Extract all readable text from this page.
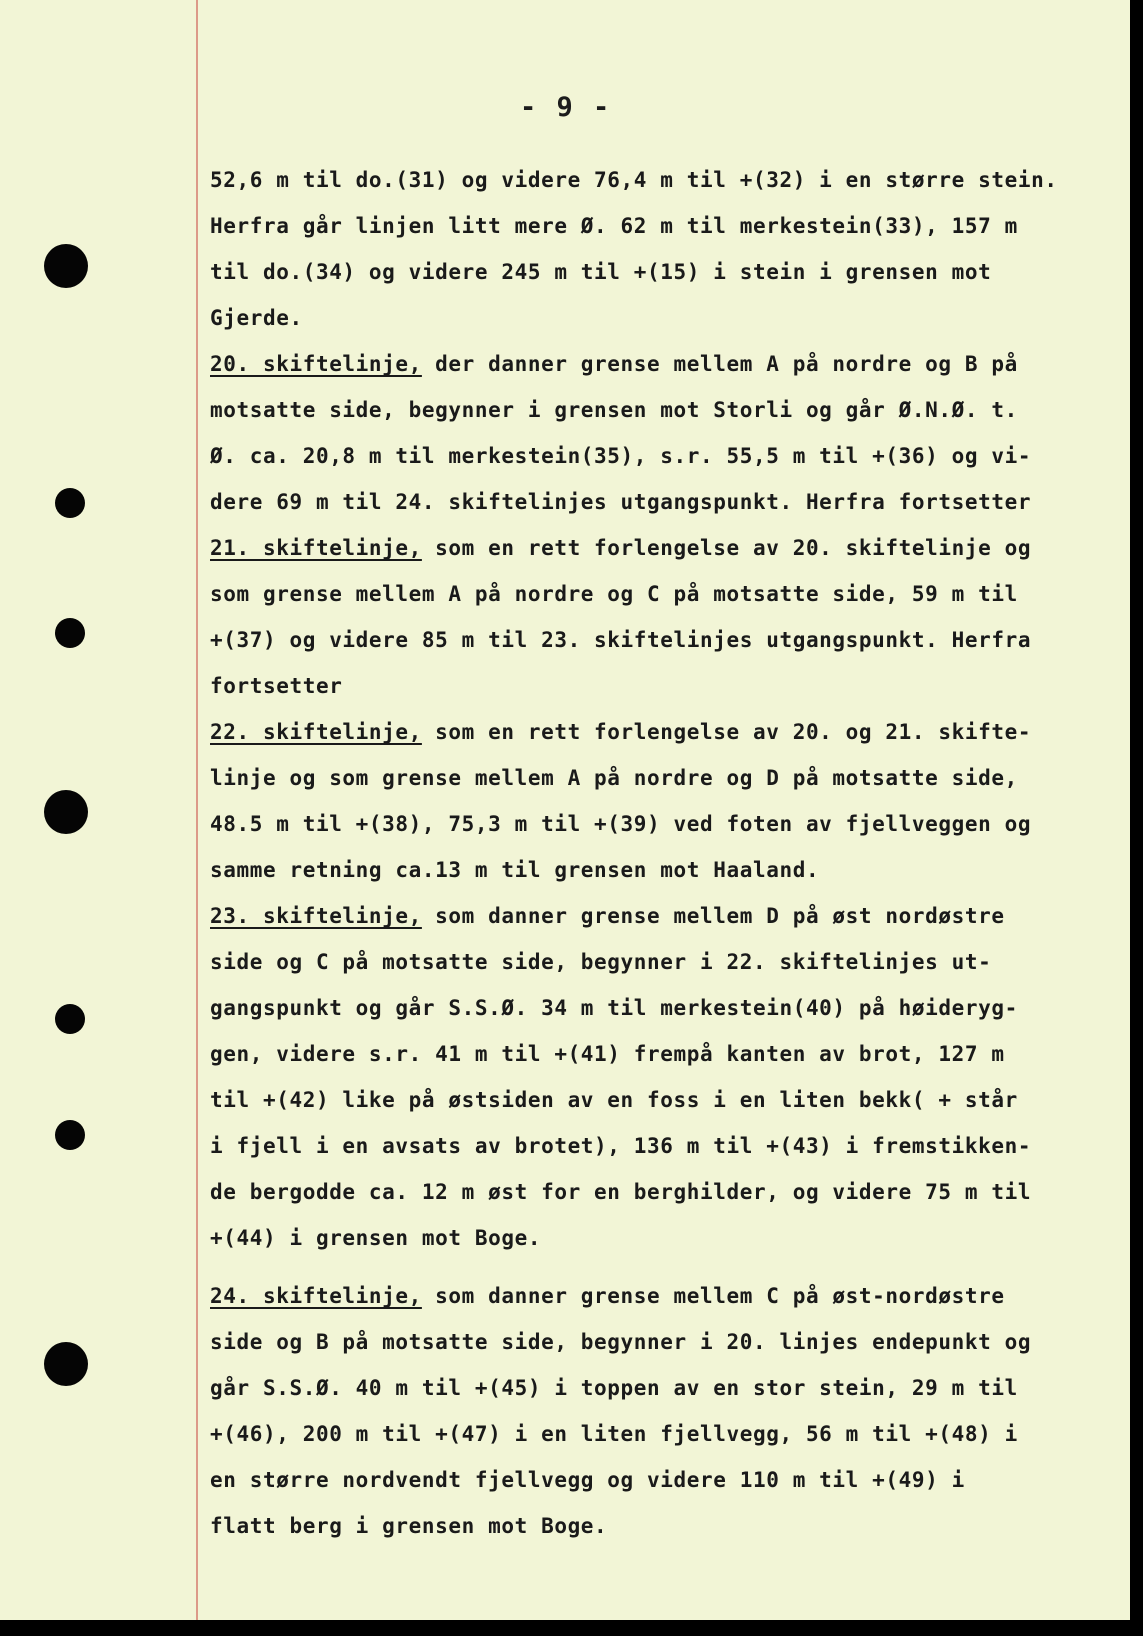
- 9 -
52,6 m til do.(31) og videre 76,4 m til +(32) i en større stein.
Herfra går linjen litt mere Ø. 62 m til merkestein(33), 157 m
til do.(34) og videre 245 m til +(15) i stein i grensen mot
Gjerde.
20. skiftelinje, der danner grense mellem A på nordre og B på
motsatte side, begynner i grensen mot Storli og går Ø.N.Ø. t.
Ø. ca. 20,8 m til merkestein(35), s.r. 55,5 m til +(36) og vi-
dere 69 m til 24. skiftelinjes utgangspunkt. Herfra fortsetter
21. skiftelinje, som en rett forlengelse av 20. skiftelinje og
som grense mellem A på nordre og C på motsatte side, 59 m til
+(37) og videre 85 m til 23. skiftelinjes utgangspunkt. Herfra
fortsetter
22. skiftelinje, som en rett forlengelse av 20. og 21. skifte-
linje og som grense mellem A på nordre og D på motsatte side,
48.5 m til +(38), 75,3 m til +(39) ved foten av fjellveggen og
samme retning ca.13 m til grensen mot Haaland.
23. skiftelinje, som danner grense mellem D på øst nordøstre
side og C på motsatte side, begynner i 22. skiftelinjes ut-
gangspunkt og går S.S.Ø. 34 m til merkestein(40) på høideryg-
gen, videre s.r. 41 m til +(41) frempå kanten av brot, 127 m
til +(42) like på østsiden av en foss i en liten bekk( + står
i fjell i en avsats av brotet), 136 m til +(43) i fremstikken-
de bergodde ca. 12 m øst for en berghilder, og videre 75 m til
+(44) i grensen mot Boge.
24. skiftelinje, som danner grense mellem C på øst-nordøstre
side og B på motsatte side, begynner i 20. linjes endepunkt og
går S.S.Ø. 40 m til +(45) i toppen av en stor stein, 29 m til
+(46), 200 m til +(47) i en liten fjellvegg, 56 m til +(48) i
en større nordvendt fjellvegg og videre 110 m til +(49) i
flatt berg i grensen mot Boge.
